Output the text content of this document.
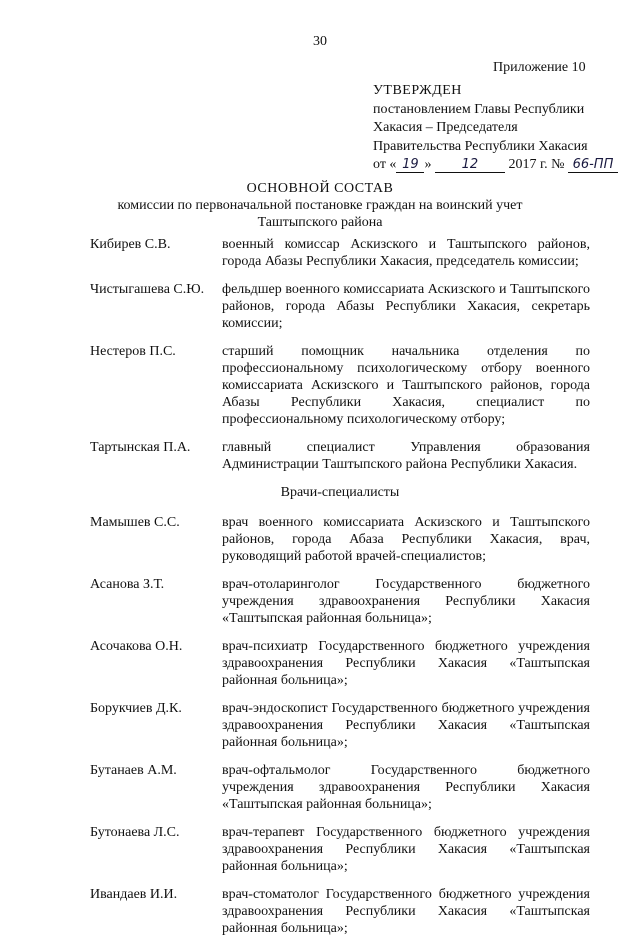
30
Приложение 10
УТВЕРЖДЕН
постановлением Главы Республики
Хакасия – Председателя
Правительства Республики Хакасия
от « 19 » 12 2017 г. № 66-ПП
ОСНОВНОЙ СОСТАВ
комиссии по первоначальной постановке граждан на воинский учет
Таштыпского района
Кибирев С.В.	военный комиссар Аскизского и Таштыпского районов, города Абазы Республики Хакасия, председатель комиссии;
Чистыгашева С.Ю.	фельдшер военного комиссариата Аскизского и Таштыпского районов, города Абазы Республики Хакасия, секретарь комиссии;
Нестеров П.С.	старший помощник начальника отделения по профессиональному психологическому отбору военного комиссариата Аскизского и Таштыпского районов, города Абазы Республики Хакасия, специалист по профессиональному психологическому отбору;
Тартынская П.А.	главный специалист Управления образования Администрации Таштыпского района Республики Хакасия.
Врачи-специалисты
Мамышев С.С.	врач военного комиссариата Аскизского и Таштыпского районов, города Абаза Республики Хакасия, врач, руководящий работой врачей-специалистов;
Асанова З.Т.	врач-отоларинголог Государственного бюджетного учреждения здравоохранения Республики Хакасия «Таштыпская районная больница»;
Асочакова О.Н.	врач-психиатр Государственного бюджетного учреждения здравоохранения Республики Хакасия «Таштыпская районная больница»;
Борукчиев Д.К.	врач-эндоскопист Государственного бюджетного учреждения здравоохранения Республики Хакасия «Таштыпская районная больница»;
Бутанаев А.М.	врач-офтальмолог Государственного бюджетного учреждения здравоохранения Республики Хакасия «Таштыпская районная больница»;
Бутонаева Л.С.	врач-терапевт Государственного бюджетного учреждения здравоохранения Республики Хакасия «Таштыпская районная больница»;
Ивандаев И.И.	врач-стоматолог Государственного бюджетного учреждения здравоохранения Республики Хакасия «Таштыпская районная больница»;
